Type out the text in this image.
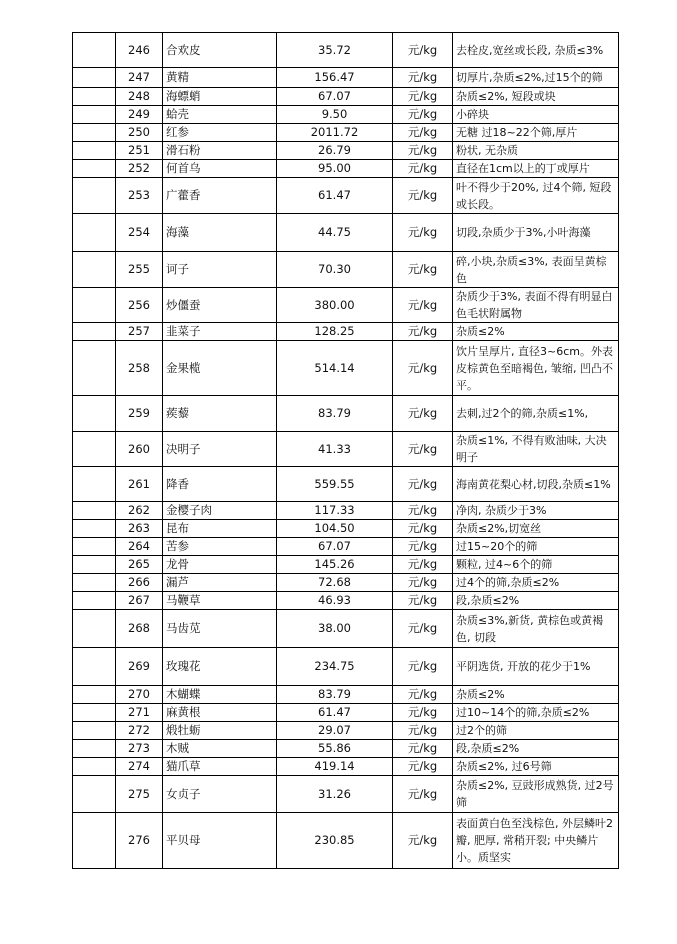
	246	合欢皮	35.72	元/kg	去栓皮,宽丝或长段, 杂质≤3%
	247	黄精	156.47	元/kg	切厚片,杂质≤2%,过15个的筛
	248	海螵蛸	67.07	元/kg	杂质≤2%, 短段或块
	249	蛤壳	9.50	元/kg	小碎块
	250	红参	2011.72	元/kg	无糖 过18~22个筛,厚片
	251	滑石粉	26.79	元/kg	粉状, 无杂质
	252	何首乌	95.00	元/kg	直径在1cm以上的丁或厚片
	253	广藿香	61.47	元/kg	叶不得少于20%, 过4个筛, 短段或长段。
	254	海藻	44.75	元/kg	切段,杂质少于3%,小叶海藻
	255	诃子	70.30	元/kg	碎,小块,杂质≤3%, 表面呈黄棕色
	256	炒僵蚕	380.00	元/kg	杂质少于3%, 表面不得有明显白色毛状附属物
	257	韭菜子	128.25	元/kg	杂质≤2%
	258	金果榄	514.14	元/kg	饮片呈厚片, 直径3~6cm。外表皮棕黄色至暗褐色, 皱缩, 凹凸不平。
	259	蒺藜	83.79	元/kg	去刺,过2个的筛,杂质≤1%,
	260	决明子	41.33	元/kg	杂质≤1%, 不得有败油味, 大决明子
	261	降香	559.55	元/kg	海南黄花梨心材,切段,杂质≤1%
	262	金樱子肉	117.33	元/kg	净肉, 杂质少于3%
	263	昆布	104.50	元/kg	杂质≤2%,切宽丝
	264	苦参	67.07	元/kg	过15~20个的筛
	265	龙骨	145.26	元/kg	颗粒, 过4~6个的筛
	266	漏芦	72.68	元/kg	过4个的筛,杂质≤2%
	267	马鞭草	46.93	元/kg	段,杂质≤2%
	268	马齿苋	38.00	元/kg	杂质≤3%,新货, 黄棕色或黄褐色, 切段
	269	玫瑰花	234.75	元/kg	平阴选货, 开放的花少于1%
	270	木蝴蝶	83.79	元/kg	杂质≤2%
	271	麻黄根	61.47	元/kg	过10~14个的筛,杂质≤2%
	272	煅牡蛎	29.07	元/kg	过2个的筛
	273	木贼	55.86	元/kg	段,杂质≤2%
	274	猫爪草	419.14	元/kg	杂质≤2%, 过6号筛
	275	女贞子	31.26	元/kg	杂质≤2%, 豆豉形成熟货, 过2号筛
	276	平贝母	230.85	元/kg	表面黄白色至浅棕色, 外层鳞叶2瓣, 肥厚, 常稍开裂; 中央鳞片小。质坚实
